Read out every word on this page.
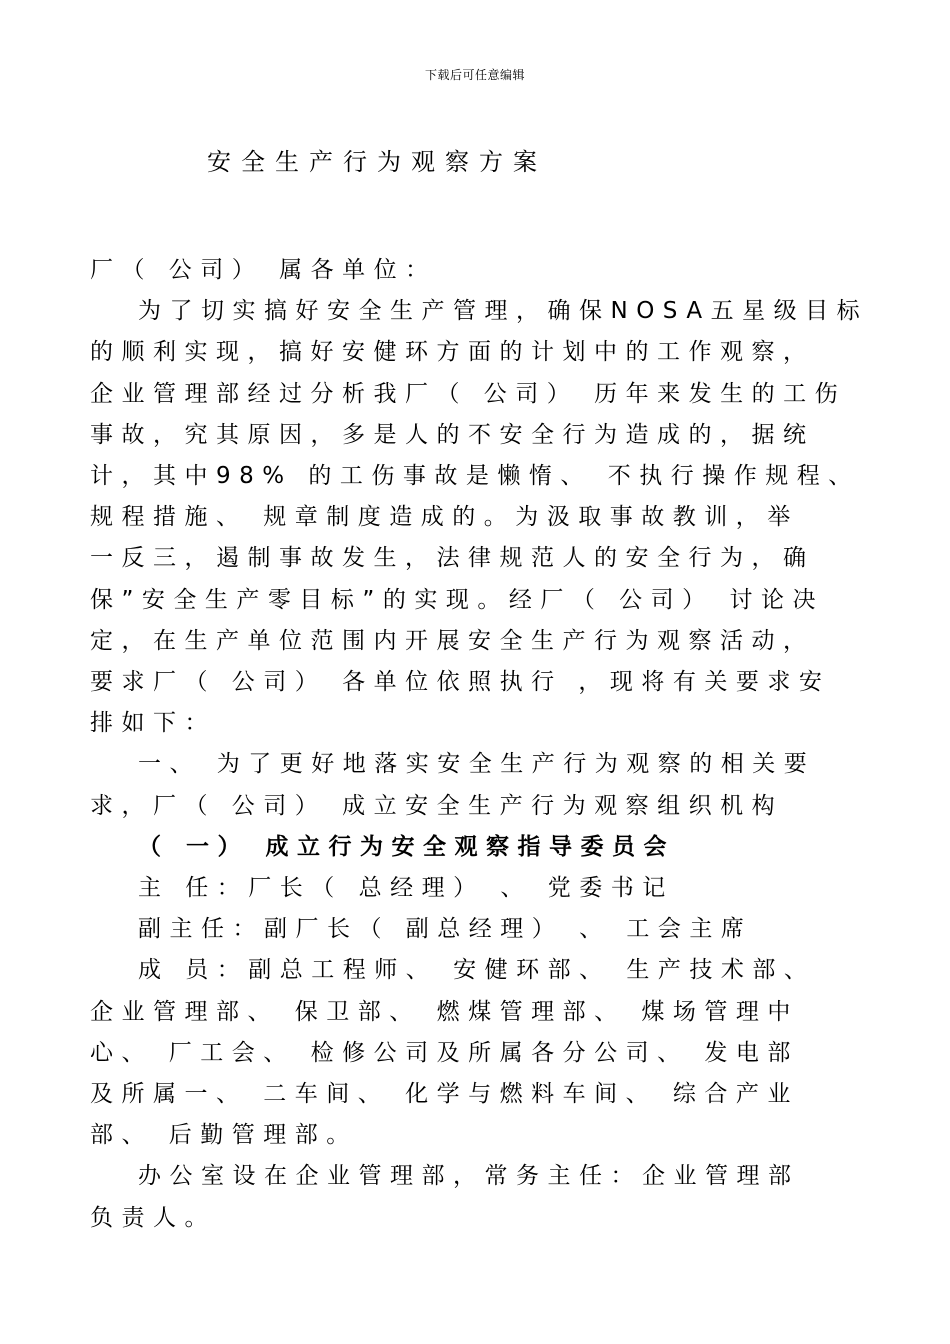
下载后可任意编辑
安全生产行为观察方案
厂（ 公司） 属各单位：
为了切实搞好安全生产管理，确保NOSA五星级目标
的顺利实现，搞好安健环方面的计划中的工作观察，
企业管理部经过分析我厂（ 公司） 历年来发生的工伤
事故，究其原因，多是人的不安全行为造成的，据统
计，其中98% 的工伤事故是懒惰、 不执行操作规程、
规程措施、 规章制度造成的。为汲取事故教训，举
一反三，遏制事故发生，法律规范人的安全行为，确
保”安全生产零目标”的实现。经厂（ 公司） 讨论决
定，在生产单位范围内开展安全生产行为观察活动，
要求厂（ 公司） 各单位依照执行 ，现将有关要求安
排如下：
一、 为了更好地落实安全生产行为观察的相关要
求，厂（ 公司） 成立安全生产行为观察组织机构
（ 一） 成立行为安全观察指导委员会
主 任：厂长（ 总经理） 、 党委书记
副主任：副厂长（ 副总经理） 、 工会主席
成 员：副总工程师、 安健环部、 生产技术部、
企业管理部、 保卫部、 燃煤管理部、 煤场管理中
心、 厂工会、 检修公司及所属各分公司、 发电部
及所属一、 二车间、 化学与燃料车间、 综合产业
部、 后勤管理部。
办公室设在企业管理部，常务主任：企业管理部
负责人。
